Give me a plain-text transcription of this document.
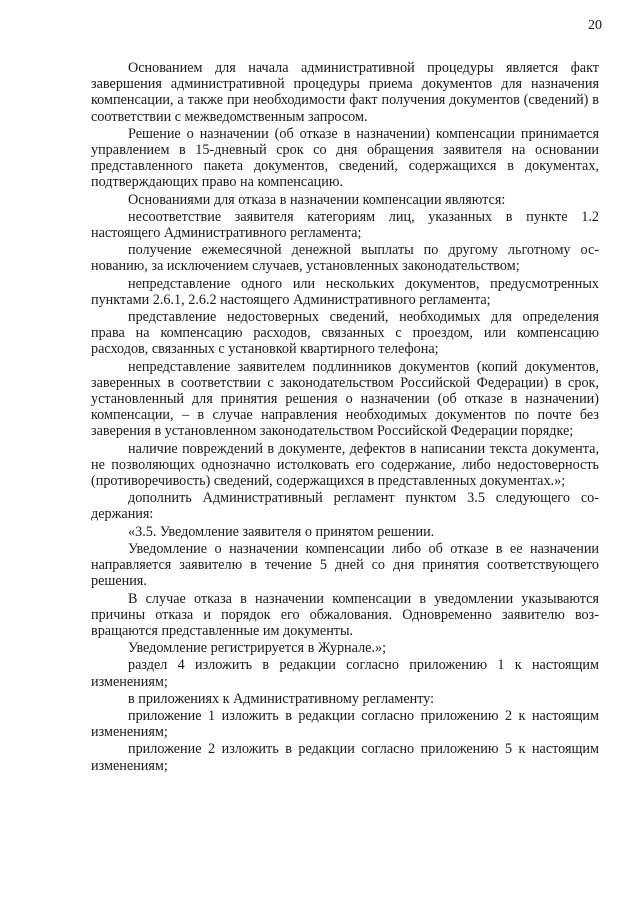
20

Основанием для начала административной процедуры является факт завершения административной процедуры приема документов для назначения компенсации, а также при необходимости факт получения документов (сведений) в соответствии с межведомственным запросом.

Решение о назначении (об отказе в назначении) компенсации принимается управлением в 15-дневный срок со дня обращения заявителя на основании представленного пакета документов, сведений, содержащихся в документах, подтверждающих право на компенсацию.

Основаниями для отказа в назначении компенсации являются:

несоответствие заявителя категориям лиц, указанных в пункте 1.2 настоящего Административного регламента;

получение ежемесячной денежной выплаты по другому льготному основанию, за исключением случаев, установленных законодательством;

непредставление одного или нескольких документов, предусмотренных пунктами 2.6.1, 2.6.2 настоящего Административного регламента;

представление недостоверных сведений, необходимых для определения права на компенсацию расходов, связанных с проездом, или компенсацию расходов, связанных с установкой квартирного телефона;

непредставление заявителем подлинников документов (копий документов, заверенных в соответствии с законодательством Российской Федерации) в срок, установленный для принятия решения о назначении (об отказе в назначении) компенсации, – в случае направления необходимых документов по почте без заверения в установленном законодательством Российской Федерации порядке;

наличие повреждений в документе, дефектов в написании текста документа, не позволяющих однозначно истолковать его содержание, либо недостоверность (противоречивость) сведений, содержащихся в представленных документах.»;

дополнить Административный регламент пунктом 3.5 следующего содержания:

«3.5. Уведомление заявителя о принятом решении.

Уведомление о назначении компенсации либо об отказе в ее назначении направляется заявителю в течение 5 дней со дня принятия соответствующего решения.

В случае отказа в назначении компенсации в уведомлении указываются причины отказа и порядок его обжалования. Одновременно заявителю возвращаются представленные им документы.

Уведомление регистрируется в Журнале.»;

раздел 4 изложить в редакции согласно приложению 1 к настоящим изменениям;

в приложениях к Административному регламенту:

приложение 1 изложить в редакции согласно приложению 2 к настоящим изменениям;

приложение 2 изложить в редакции согласно приложению 5 к настоящим изменениям;
